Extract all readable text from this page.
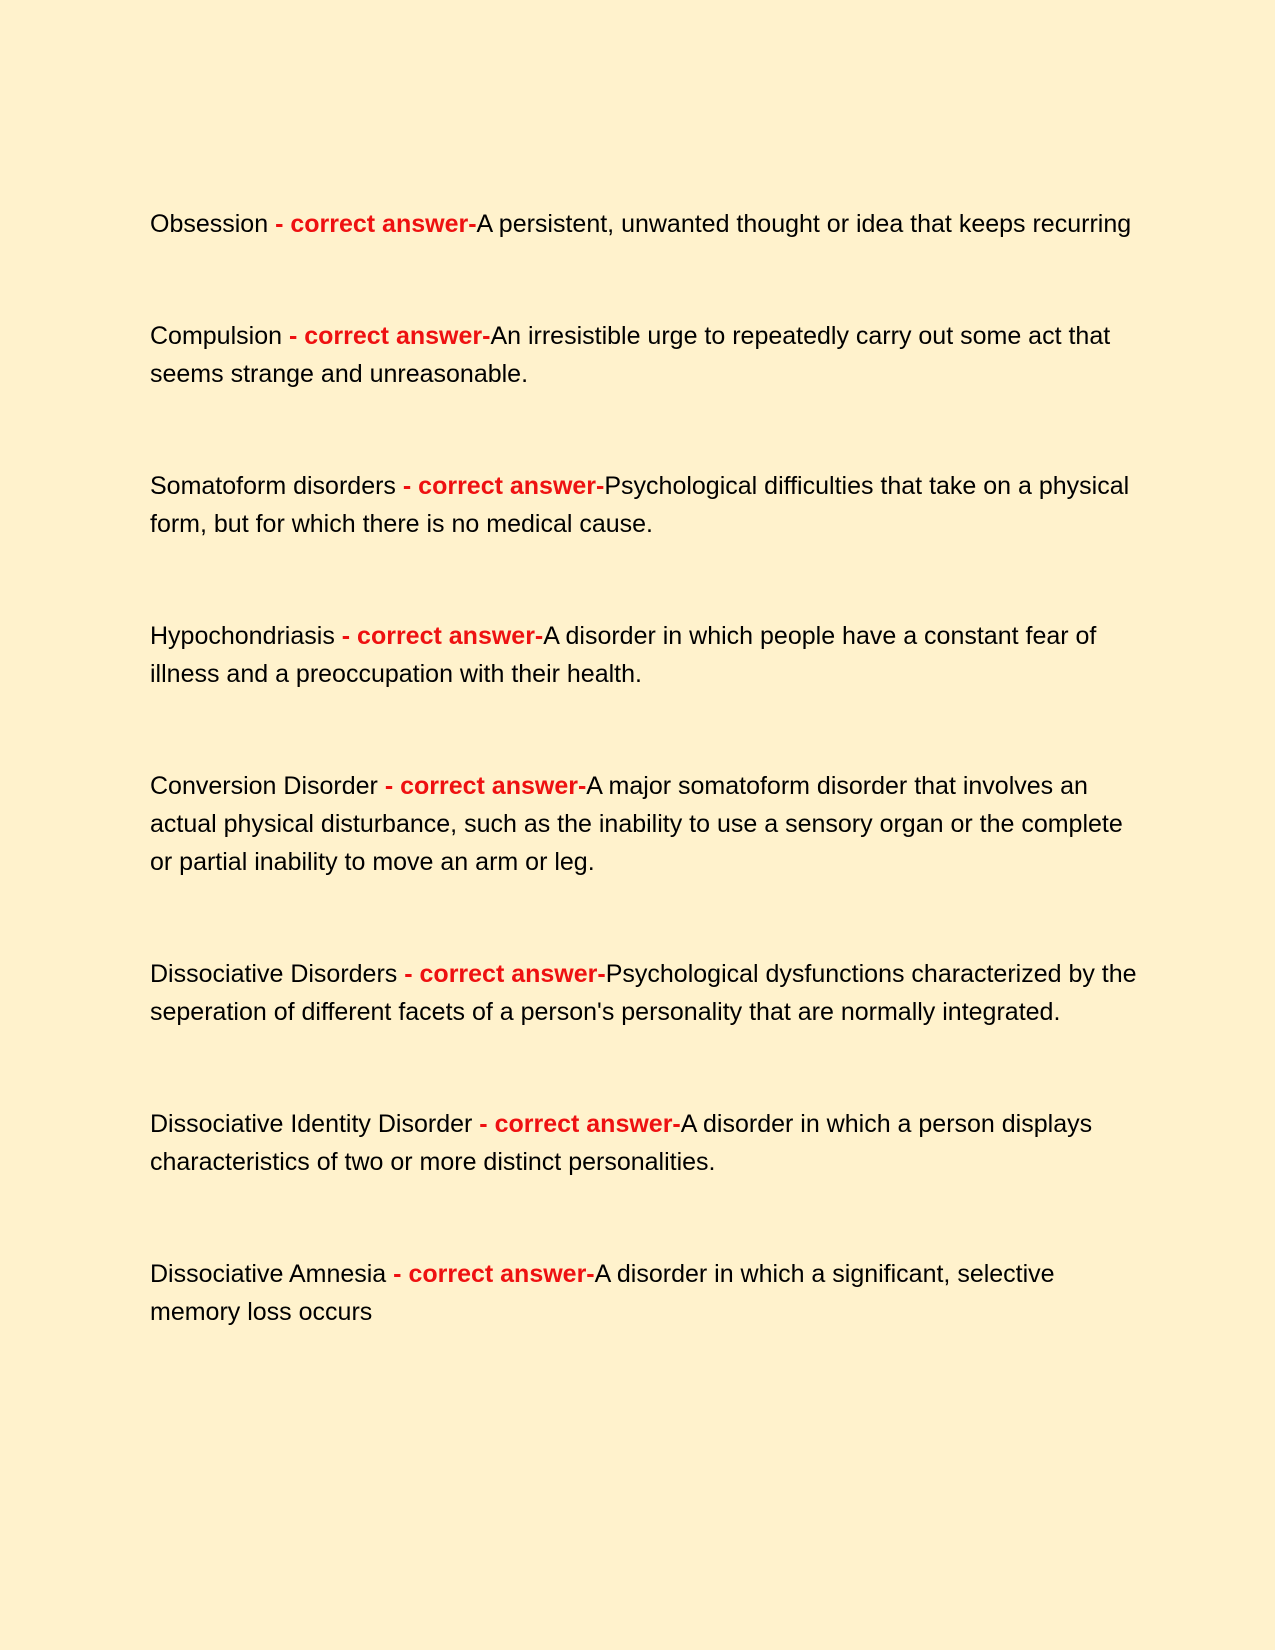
Obsession - correct answer-A persistent, unwanted thought or idea that keeps recurring

Compulsion - correct answer-An irresistible urge to repeatedly carry out some act that seems strange and unreasonable.

Somatoform disorders - correct answer-Psychological difficulties that take on a physical form, but for which there is no medical cause.

Hypochondriasis - correct answer-A disorder in which people have a constant fear of illness and a preoccupation with their health.

Conversion Disorder - correct answer-A major somatoform disorder that involves an actual physical disturbance, such as the inability to use a sensory organ or the complete or partial inability to move an arm or leg.

Dissociative Disorders - correct answer-Psychological dysfunctions characterized by the seperation of different facets of a person's personality that are normally integrated.

Dissociative Identity Disorder - correct answer-A disorder in which a person displays characteristics of two or more distinct personalities.

Dissociative Amnesia - correct answer-A disorder in which a significant, selective memory loss occurs
